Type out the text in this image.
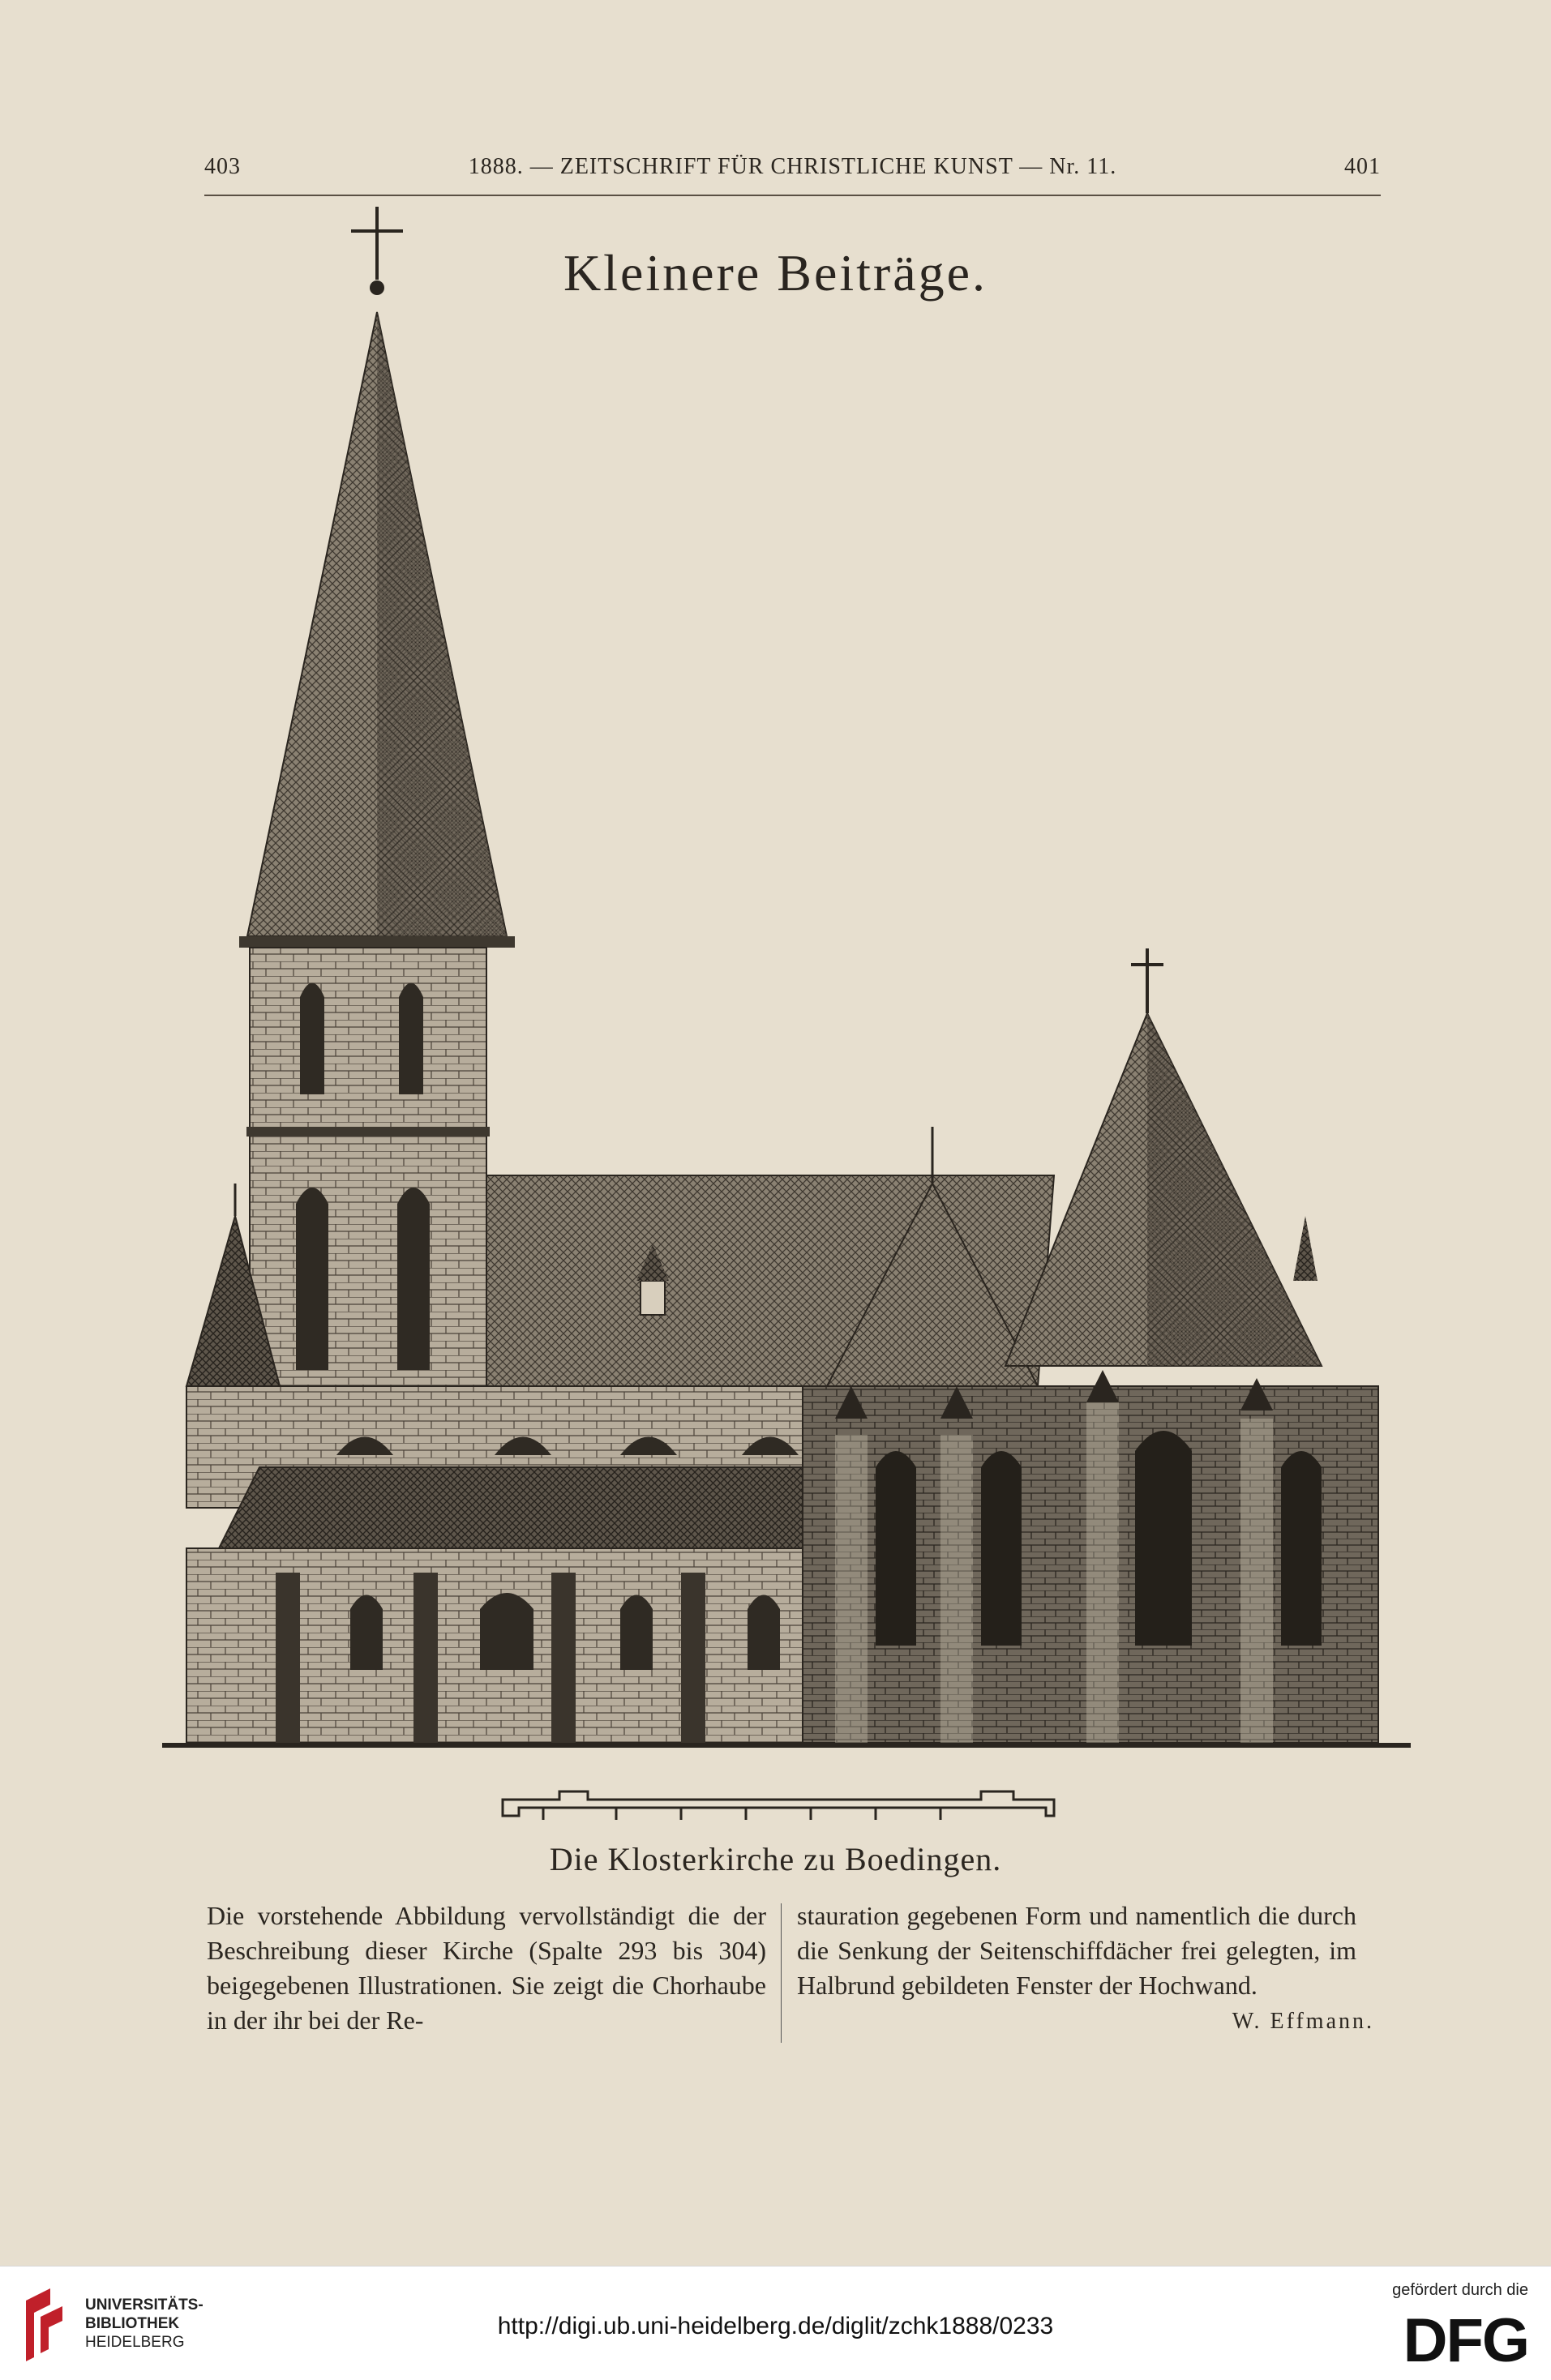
403	1888. — ZEITSCHRIFT FÜR CHRISTLICHE KUNST — Nr. 11.	401
Kleinere Beiträge.
Die Klosterkirche zu Boedingen.
Die vorstehende Abbildung vervollständigt die der Beschreibung dieser Kirche (Spalte 293 bis 304) beigegebenen Illustrationen. Sie zeigt die Chorhaube in der ihr bei der Re-
stauration gegebenen Form und namentlich die durch die Senkung der Seitenschiffdächer frei gelegten, im Halbrund gebildeten Fenster der Hochwand.
W. Effmann.
UNIVERSITÄTS-
BIBLIOTHEK
HEIDELBERG
http://digi.ub.uni-heidelberg.de/diglit/zchk1888/0233
gefördert durch die
DFG
